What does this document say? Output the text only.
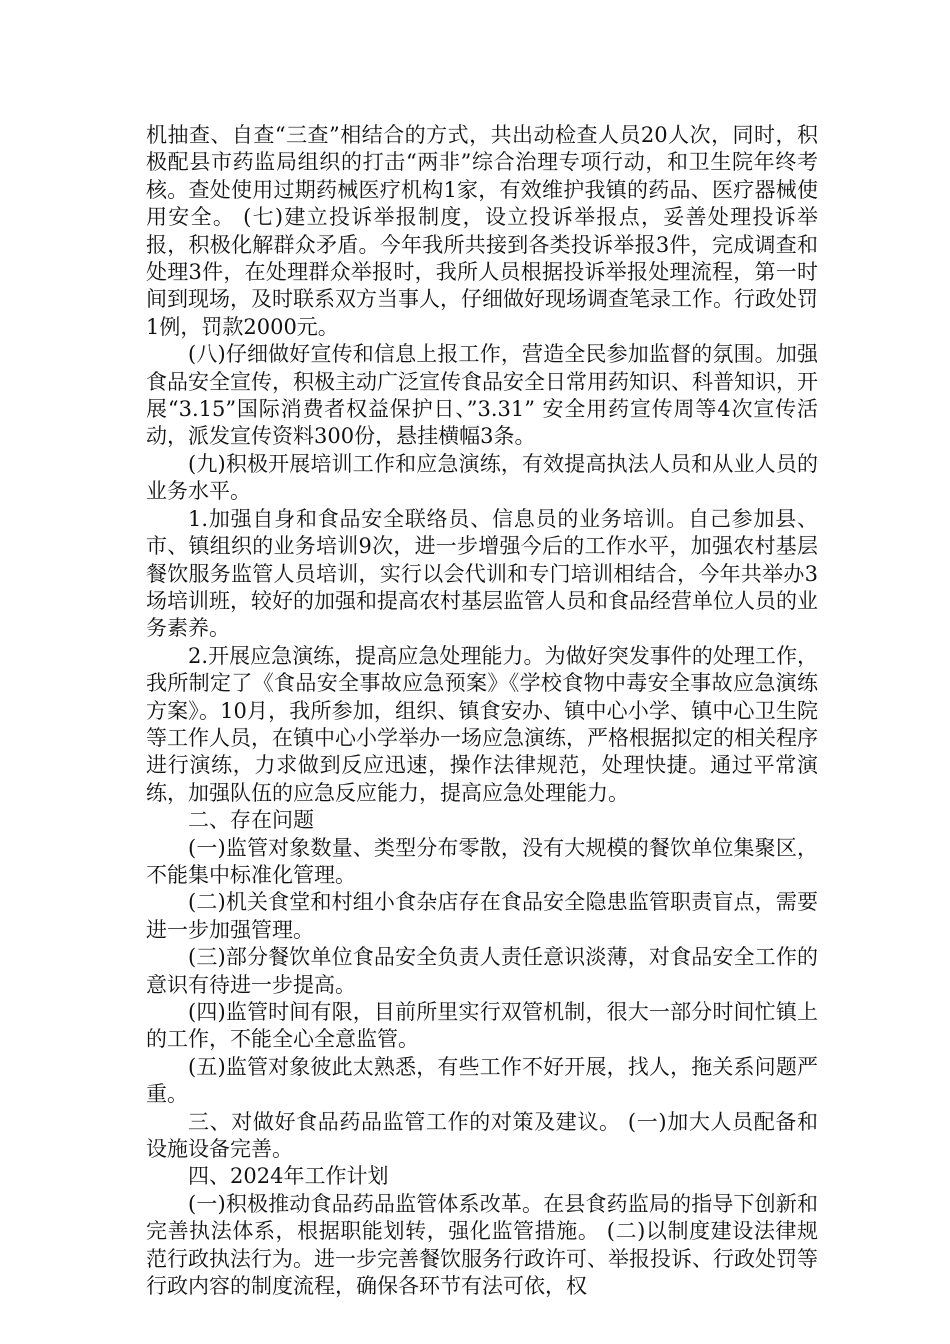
机抽查、自查“三查”相结合的方式，共出动检查人员20人次，同时，积极配县市药监局组织的打击“两非”综合治理专项行动，和卫生院年终考核。查处使用过期药械医疗机构1家，有效维护我镇的药品、医疗器械使用安全。 (七)建立投诉举报制度，设立投诉举报点，妥善处理投诉举报，积极化解群众矛盾。今年我所共接到各类投诉举报3件，完成调查和处理3件，在处理群众举报时，我所人员根据投诉举报处理流程，第一时间到现场，及时联系双方当事人，仔细做好现场调查笔录工作。行政处罚1例，罚款2000元。

(八)仔细做好宣传和信息上报工作，营造全民参加监督的氛围。加强食品安全宣传，积极主动广泛宣传食品安全日常用药知识、科普知识，开展“3.15”国际消费者权益保护日、”3.31” 安全用药宣传周等4次宣传活动，派发宣传资料300份，悬挂横幅3条。

(九)积极开展培训工作和应急演练，有效提高执法人员和从业人员的业务水平。

1.加强自身和食品安全联络员、信息员的业务培训。自己参加县、市、镇组织的业务培训9次，进一步增强今后的工作水平，加强农村基层餐饮服务监管人员培训，实行以会代训和专门培训相结合，今年共举办3场培训班，较好的加强和提高农村基层监管人员和食品经营单位人员的业务素养。

2.开展应急演练，提高应急处理能力。为做好突发事件的处理工作，我所制定了《食品安全事故应急预案》《学校食物中毒安全事故应急演练方案》。10月，我所参加，组织、镇食安办、镇中心小学、镇中心卫生院等工作人员，在镇中心小学举办一场应急演练，严格根据拟定的相关程序进行演练，力求做到反应迅速，操作法律规范，处理快捷。通过平常演练，加强队伍的应急反应能力，提高应急处理能力。

二、存在问题

(一)监管对象数量、类型分布零散，没有大规模的餐饮单位集聚区，不能集中标准化管理。

(二)机关食堂和村组小食杂店存在食品安全隐患监管职责盲点，需要进一步加强管理。

(三)部分餐饮单位食品安全负责人责任意识淡薄，对食品安全工作的意识有待进一步提高。

(四)监管时间有限，目前所里实行双管机制，很大一部分时间忙镇上的工作，不能全心全意监管。

(五)监管对象彼此太熟悉，有些工作不好开展，找人，拖关系问题严重。

三、对做好食品药品监管工作的对策及建议。 (一)加大人员配备和设施设备完善。

四、2024年工作计划

(一)积极推动食品药品监管体系改革。在县食药监局的指导下创新和完善执法体系，根据职能划转，强化监管措施。 (二)以制度建设法律规范行政执法行为。进一步完善餐饮服务行政许可、举报投诉、行政处罚等行政内容的制度流程，确保各环节有法可依，权
